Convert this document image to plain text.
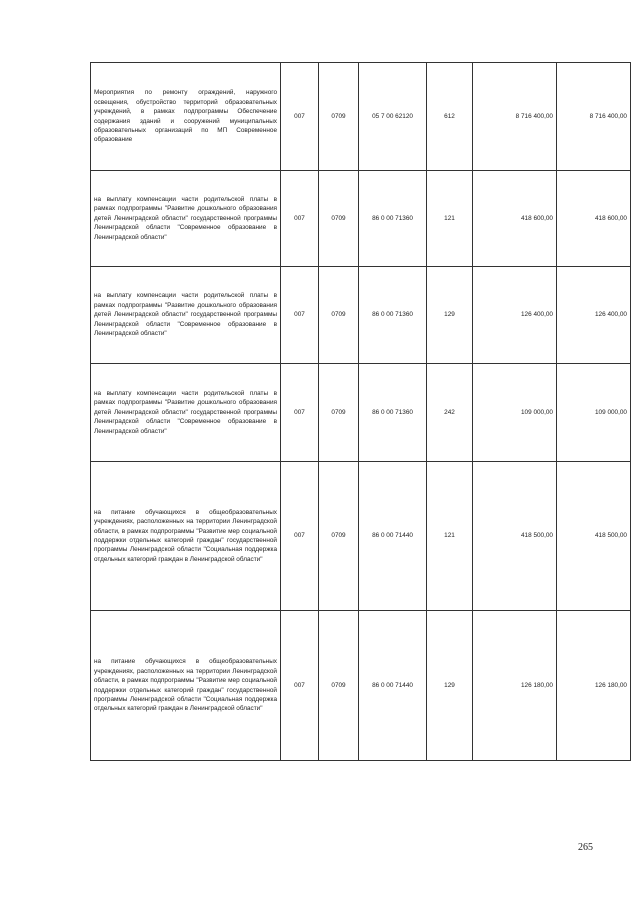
Мероприятия по ремонту ограждений, наружного освещения, обустройство территорий образовательных учреждений, в рамках подпрограммы Обеспечение содержания зданий и сооружений муниципальных образовательных организаций по МП Современное образование	007	0709	05 7 00 62120	612	8 716 400,00	8 716 400,00
на выплату компенсации части родительской платы в рамках подпрограммы "Развитие дошкольного образования детей Ленинградской области" государственной программы Ленинградской области "Современное образование в Ленинградской области"	007	0709	86 0 00 71360	121	418 600,00	418 600,00
на выплату компенсации части родительской платы в рамках подпрограммы "Развитие дошкольного образования детей Ленинградской области" государственной программы Ленинградской области "Современное образование в Ленинградской области"	007	0709	86 0 00 71360	129	126 400,00	126 400,00
на выплату компенсации части родительской платы в рамках подпрограммы "Развитие дошкольного образования детей Ленинградской области" государственной программы Ленинградской области "Современное образование в Ленинградской области"	007	0709	86 0 00 71360	242	109 000,00	109 000,00
на питание обучающихся в общеобразовательных учреждениях, расположенных на территории Ленинградской области, в рамках подпрограммы "Развитие мер социальной поддержки отдельных категорий граждан" государственной программы Ленинградской области "Социальная поддержка отдельных категорий граждан в Ленинградской области"	007	0709	86 0 00 71440	121	418 500,00	418 500,00
на питание обучающихся в общеобразовательных учреждениях, расположенных на территории Ленинградской области, в рамках подпрограммы "Развитие мер социальной поддержки отдельных категорий граждан" государственной программы Ленинградской области "Социальная поддержка отдельных категорий граждан в Ленинградской области"	007	0709	86 0 00 71440	129	126 180,00	126 180,00
265
